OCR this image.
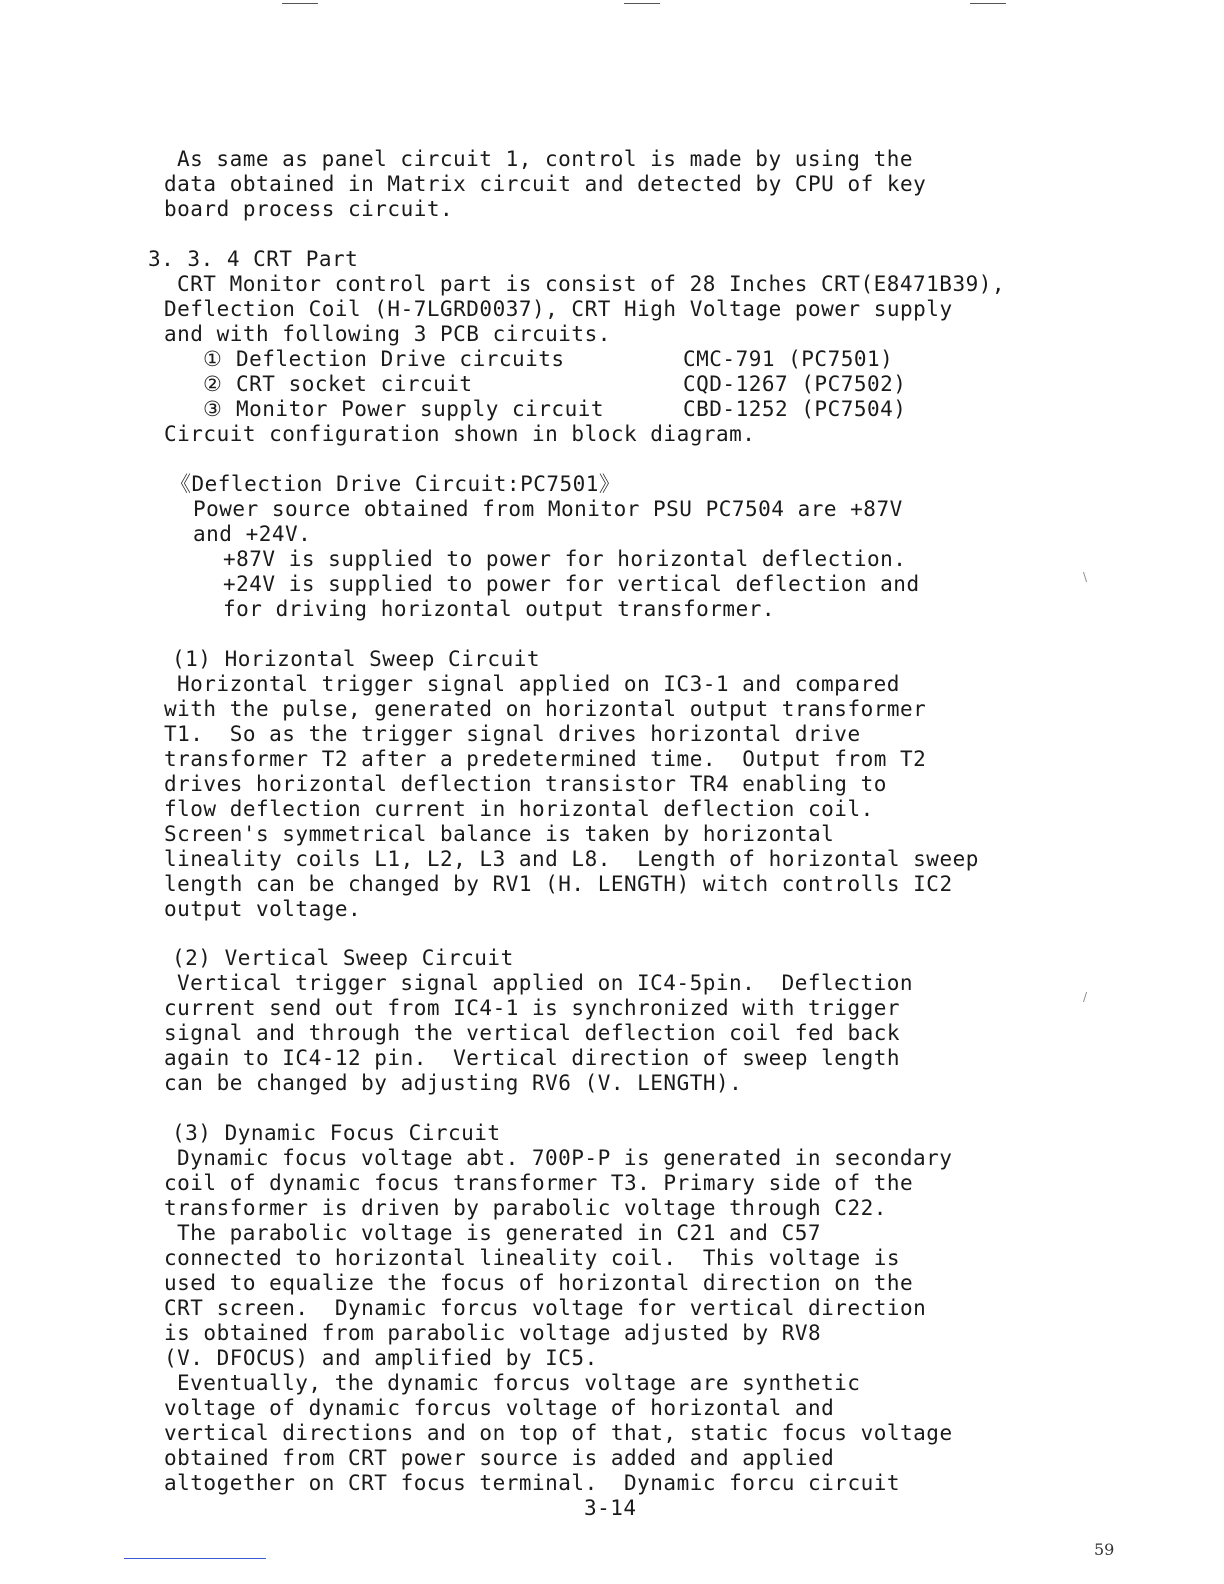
As same as panel circuit 1, control is made by using the
data obtained in Matrix circuit and detected by CPU of key
board process circuit.
3. 3. 4 CRT Part
CRT Monitor control part is consist of 28 Inches CRT(E8471B39),
Deflection Coil (H-7LGRD0037), CRT High Voltage power supply
and with following 3 PCB circuits.
① Deflection Drive circuits	CMC-791 (PC7501)
② CRT socket circuit	CQD-1267 (PC7502)
③ Monitor Power supply circuit	CBD-1252 (PC7504)
Circuit configuration shown in block diagram.
《Deflection Drive Circuit:PC7501》
Power source obtained from Monitor PSU PC7504 are +87V
and +24V.
+87V is supplied to power for horizontal deflection.
+24V is supplied to power for vertical deflection and
for driving horizontal output transformer.
(1) Horizontal Sweep Circuit
Horizontal trigger signal applied on IC3-1 and compared
with the pulse, generated on horizontal output transformer
T1.  So as the trigger signal drives horizontal drive
transformer T2 after a predetermined time.  Output from T2
drives horizontal deflection transistor TR4 enabling to
flow deflection current in horizontal deflection coil.
Screen's symmetrical balance is taken by horizontal
lineality coils L1, L2, L3 and L8.  Length of horizontal sweep
length can be changed by RV1 (H. LENGTH) witch controlls IC2
output voltage.
(2) Vertical Sweep Circuit
Vertical trigger signal applied on IC4-5pin.  Deflection
current send out from IC4-1 is synchronized with trigger
signal and through the vertical deflection coil fed back
again to IC4-12 pin.  Vertical direction of sweep length
can be changed by adjusting RV6 (V. LENGTH).
(3) Dynamic Focus Circuit
Dynamic focus voltage abt. 700P-P is generated in secondary
coil of dynamic focus transformer T3. Primary side of the
transformer is driven by parabolic voltage through C22.
The parabolic voltage is generated in C21 and C57
connected to horizontal lineality coil.  This voltage is
used to equalize the focus of horizontal direction on the
CRT screen.  Dynamic forcus voltage for vertical direction
is obtained from parabolic voltage adjusted by RV8
(V. DFOCUS) and amplified by IC5.
Eventually, the dynamic forcus voltage are synthetic
voltage of dynamic forcus voltage of horizontal and
vertical directions and on top of that, static focus voltage
obtained from CRT power source is added and applied
altogether on CRT focus terminal.  Dynamic forcu circuit
3-14
\
/
59
